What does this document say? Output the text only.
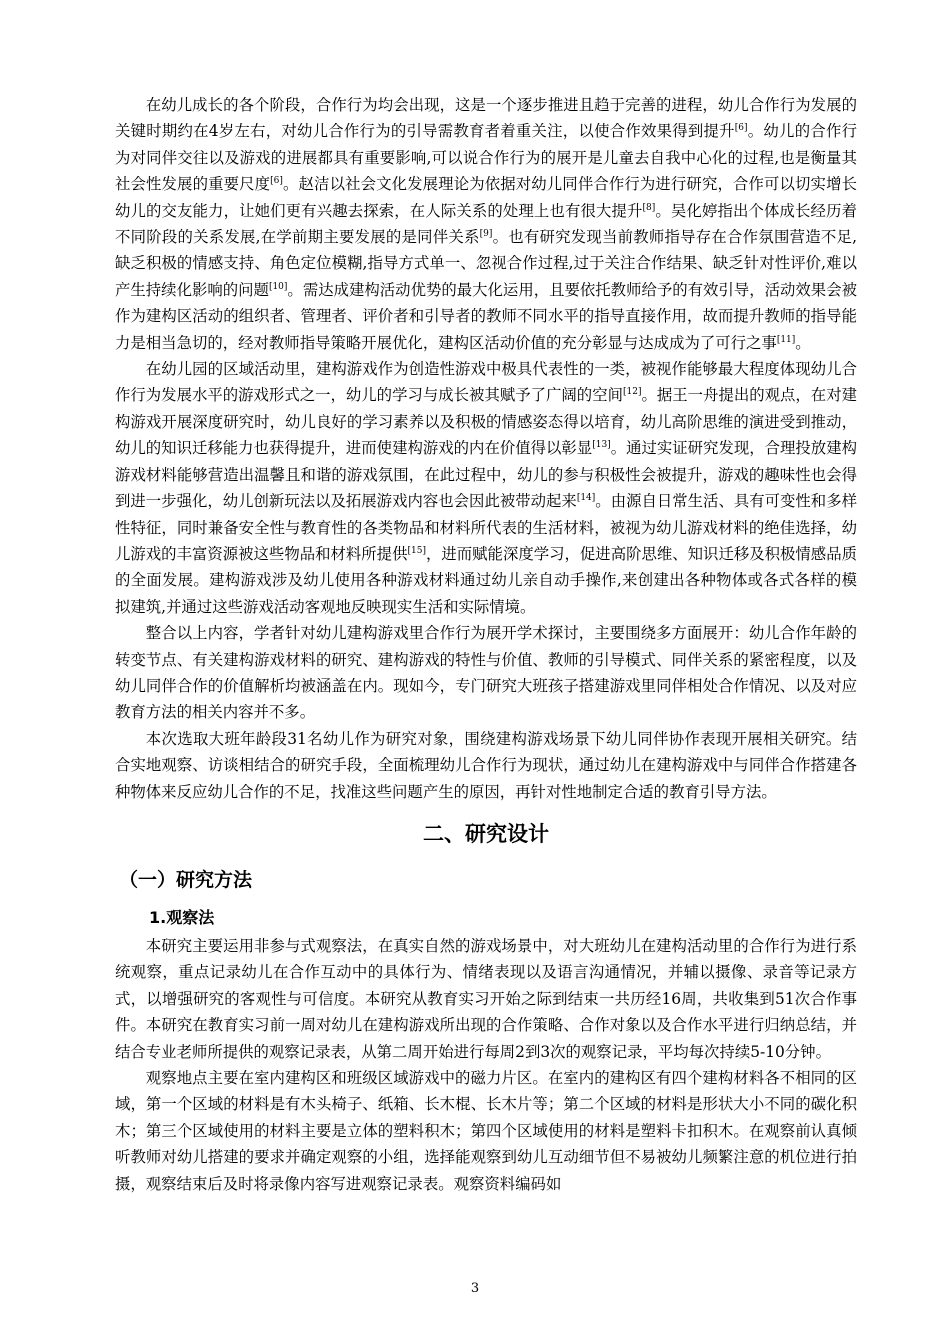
在幼儿成长的各个阶段，合作行为均会出现，这是一个逐步推进且趋于完善的进程，幼儿合作行为发展的关键时期约在4岁左右，对幼儿合作行为的引导需教育者着重关注，以使合作效果得到提升[6]。幼儿的合作行为对同伴交往以及游戏的进展都具有重要影响,可以说合作行为的展开是儿童去自我中心化的过程,也是衡量其社会性发展的重要尺度[6]。赵洁以社会文化发展理论为依据对幼儿同伴合作行为进行研究，合作可以切实增长幼儿的交友能力，让她们更有兴趣去探索，在人际关系的处理上也有很大提升[8]。吴化婷指出个体成长经历着不同阶段的关系发展,在学前期主要发展的是同伴关系[9]。也有研究发现当前教师指导存在合作氛围营造不足,缺乏积极的情感支持、角色定位模糊,指导方式单一、忽视合作过程,过于关注合作结果、缺乏针对性评价,难以产生持续化影响的问题[10]。需达成建构活动优势的最大化运用，且要依托教师给予的有效引导，活动效果会被作为建构区活动的组织者、管理者、评价者和引导者的教师不同水平的指导直接作用，故而提升教师的指导能力是相当急切的，经对教师指导策略开展优化，建构区活动价值的充分彰显与达成成为了可行之事[11]。

在幼儿园的区域活动里，建构游戏作为创造性游戏中极具代表性的一类，被视作能够最大程度体现幼儿合作行为发展水平的游戏形式之一，幼儿的学习与成长被其赋予了广阔的空间[12]。据王一舟提出的观点，在对建构游戏开展深度研究时，幼儿良好的学习素养以及积极的情感姿态得以培育，幼儿高阶思维的演进受到推动，幼儿的知识迁移能力也获得提升，进而使建构游戏的内在价值得以彰显[13]。通过实证研究发现，合理投放建构游戏材料能够营造出温馨且和谐的游戏氛围，在此过程中，幼儿的参与积极性会被提升，游戏的趣味性也会得到进一步强化，幼儿创新玩法以及拓展游戏内容也会因此被带动起来[14]。由源自日常生活、具有可变性和多样性特征，同时兼备安全性与教育性的各类物品和材料所代表的生活材料，被视为幼儿游戏材料的绝佳选择，幼儿游戏的丰富资源被这些物品和材料所提供[15]，进而赋能深度学习，促进高阶思维、知识迁移及积极情感品质的全面发展。建构游戏涉及幼儿使用各种游戏材料通过幼儿亲自动手操作,来创建出各种物体或各式各样的模拟建筑,并通过这些游戏活动客观地反映现实生活和实际情境。

整合以上内容，学者针对幼儿建构游戏里合作行为展开学术探讨，主要围绕多方面展开：幼儿合作年龄的转变节点、有关建构游戏材料的研究、建构游戏的特性与价值、教师的引导模式、同伴关系的紧密程度，以及幼儿同伴合作的价值解析均被涵盖在内。现如今，专门研究大班孩子搭建游戏里同伴相处合作情况、以及对应教育方法的相关内容并不多。

本次选取大班年龄段31名幼儿作为研究对象，围绕建构游戏场景下幼儿同伴协作表现开展相关研究。结合实地观察、访谈相结合的研究手段，全面梳理幼儿合作行为现状，通过幼儿在建构游戏中与同伴合作搭建各种物体来反应幼儿合作的不足，找准这些问题产生的原因，再针对性地制定合适的教育引导方法。

二、研究设计
（一）研究方法
1.观察法

本研究主要运用非参与式观察法，在真实自然的游戏场景中，对大班幼儿在建构活动里的合作行为进行系统观察，重点记录幼儿在合作互动中的具体行为、情绪表现以及语言沟通情况，并辅以摄像、录音等记录方式，以增强研究的客观性与可信度。本研究从教育实习开始之际到结束一共历经16周，共收集到51次合作事件。本研究在教育实习前一周对幼儿在建构游戏所出现的合作策略、合作对象以及合作水平进行归纳总结，并结合专业老师所提供的观察记录表，从第二周开始进行每周2到3次的观察记录，平均每次持续5-10分钟。

观察地点主要在室内建构区和班级区域游戏中的磁力片区。在室内的建构区有四个建构材料各不相同的区域，第一个区域的材料是有木头椅子、纸箱、长木棍、长木片等；第二个区域的材料是形状大小不同的碳化积木；第三个区域使用的材料主要是立体的塑料积木；第四个区域使用的材料是塑料卡扣积木。在观察前认真倾听教师对幼儿搭建的要求并确定观察的小组，选择能观察到幼儿互动细节但不易被幼儿频繁注意的机位进行拍摄，观察结束后及时将录像内容写进观察记录表。观察资料编码如

3
